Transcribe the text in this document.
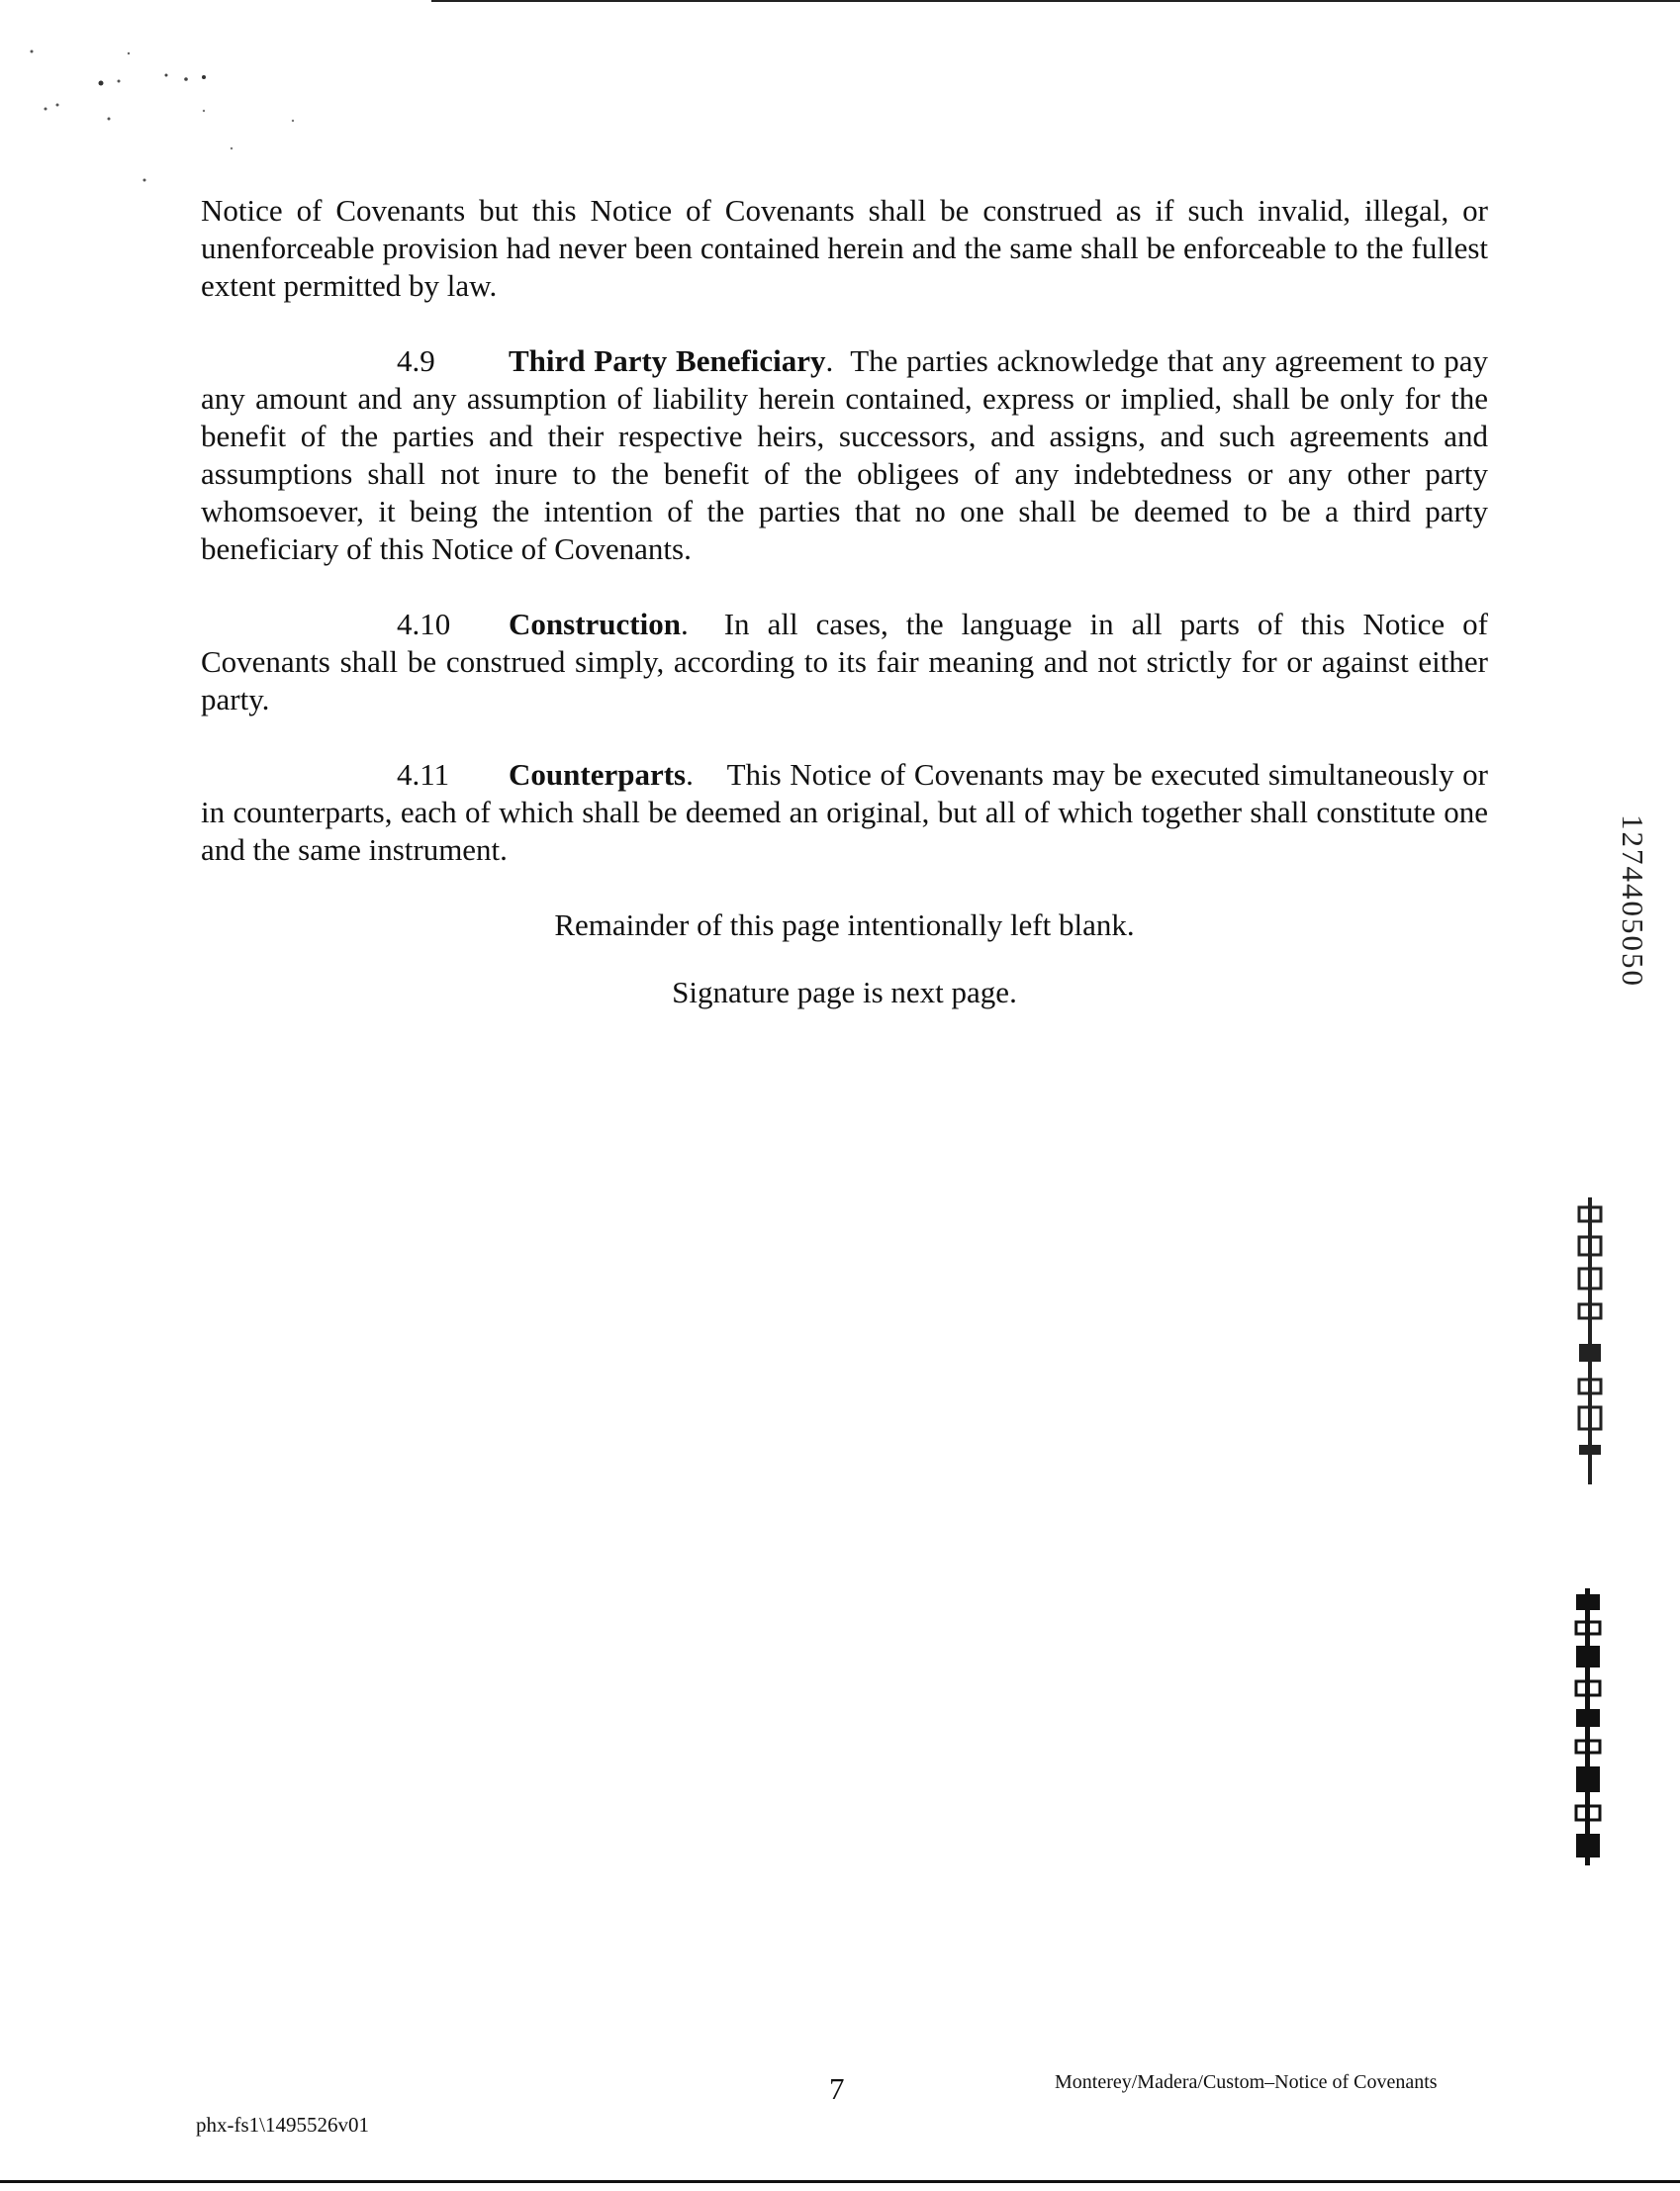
Notice of Covenants but this Notice of Covenants shall be construed as if such invalid, illegal, or unenforceable provision had never been contained herein and the same shall be enforceable to the fullest extent permitted by law.

4.9 Third Party Beneficiary.  The parties acknowledge that any agreement to pay any amount and any assumption of liability herein contained, express or implied, shall be only for the benefit of the parties and their respective heirs, successors, and assigns, and such agreements and assumptions shall not inure to the benefit of the obligees of any indebtedness or any other party whomsoever, it being the intention of the parties that no one shall be deemed to be a third party beneficiary of this Notice of Covenants.

4.10 Construction.  In all cases, the language in all parts of this Notice of Covenants shall be construed simply, according to its fair meaning and not strictly for or against either party.

4.11 Counterparts.    This Notice of Covenants may be executed simultaneously or in counterparts, each of which shall be deemed an original, but all of which together shall constitute one and the same instrument.

Remainder of this page intentionally left blank.

Signature page is next page.

1274405050
7	Monterey/Madera/Custom–Notice of Covenants
phx-fs1\1495526v01
